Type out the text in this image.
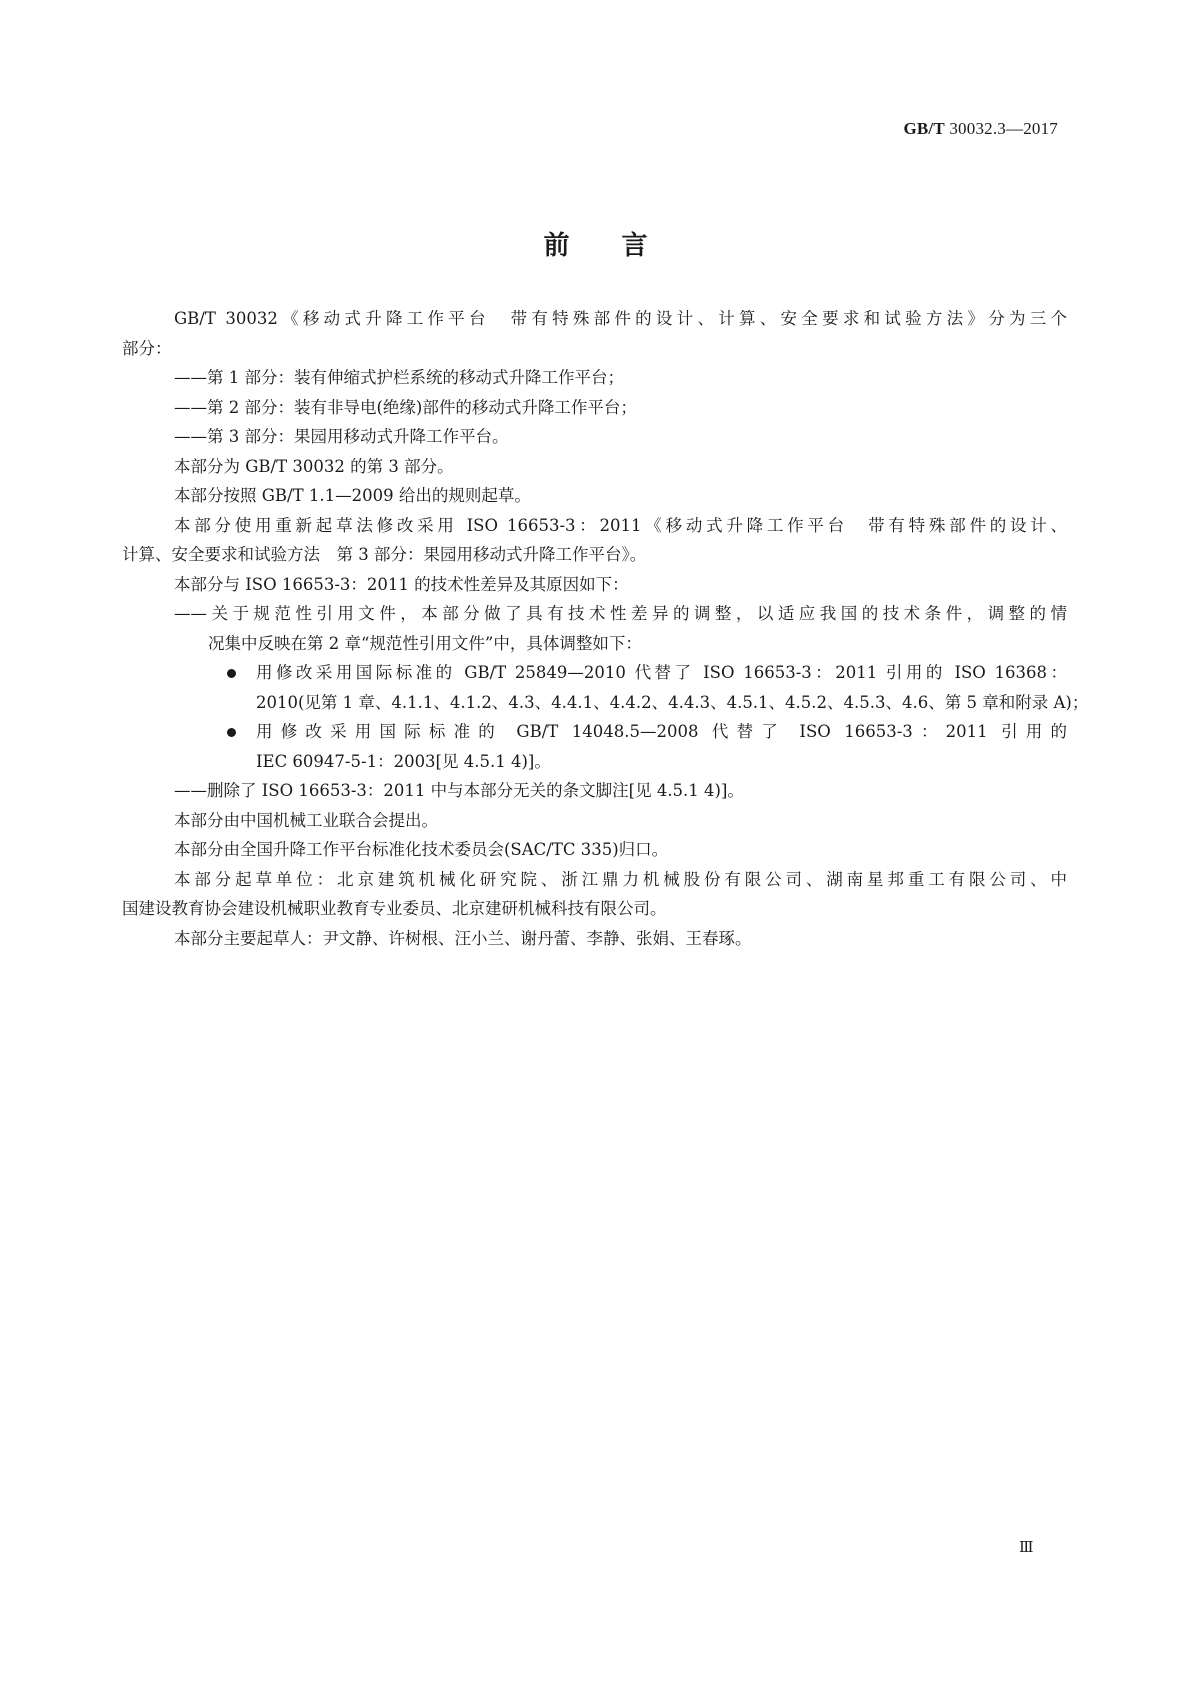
GB/T 30032.3—2017
前言
GB/T 30032《移动式升降工作平台　带有特殊部件的设计、计算、安全要求和试验方法》分为三个
部分：
——第 1 部分：装有伸缩式护栏系统的移动式升降工作平台；
——第 2 部分：装有非导电(绝缘)部件的移动式升降工作平台；
——第 3 部分：果园用移动式升降工作平台。
本部分为 GB/T 30032 的第 3 部分。
本部分按照 GB/T 1.1—2009 给出的规则起草。
本部分使用重新起草法修改采用 ISO 16653-3：2011《移动式升降工作平台　带有特殊部件的设计、
计算、安全要求和试验方法　第 3 部分：果园用移动式升降工作平台》。
本部分与 ISO 16653-3：2011 的技术性差异及其原因如下：
——关于规范性引用文件，本部分做了具有技术性差异的调整，以适应我国的技术条件，调整的情
况集中反映在第 2 章“规范性引用文件”中，具体调整如下：
用修改采用国际标准的 GB/T 25849—2010 代替了 ISO 16653-3：2011 引用的 ISO 16368：
2010(见第 1 章、4.1.1、4.1.2、4.3、4.4.1、4.4.2、4.4.3、4.5.1、4.5.2、4.5.3、4.6、第 5 章和附录 A)；
用修改采用国际标准的 GB/T 14048.5—2008 代替了 ISO 16653-3：2011 引用的
IEC 60947-5-1：2003[见 4.5.1 4)]。
——删除了 ISO 16653-3：2011 中与本部分无关的条文脚注[见 4.5.1 4)]。
本部分由中国机械工业联合会提出。
本部分由全国升降工作平台标准化技术委员会(SAC/TC 335)归口。
本部分起草单位：北京建筑机械化研究院、浙江鼎力机械股份有限公司、湖南星邦重工有限公司、中
国建设教育协会建设机械职业教育专业委员、北京建研机械科技有限公司。
本部分主要起草人：尹文静、许树根、汪小兰、谢丹蕾、李静、张娟、王春琢。
Ⅲ
